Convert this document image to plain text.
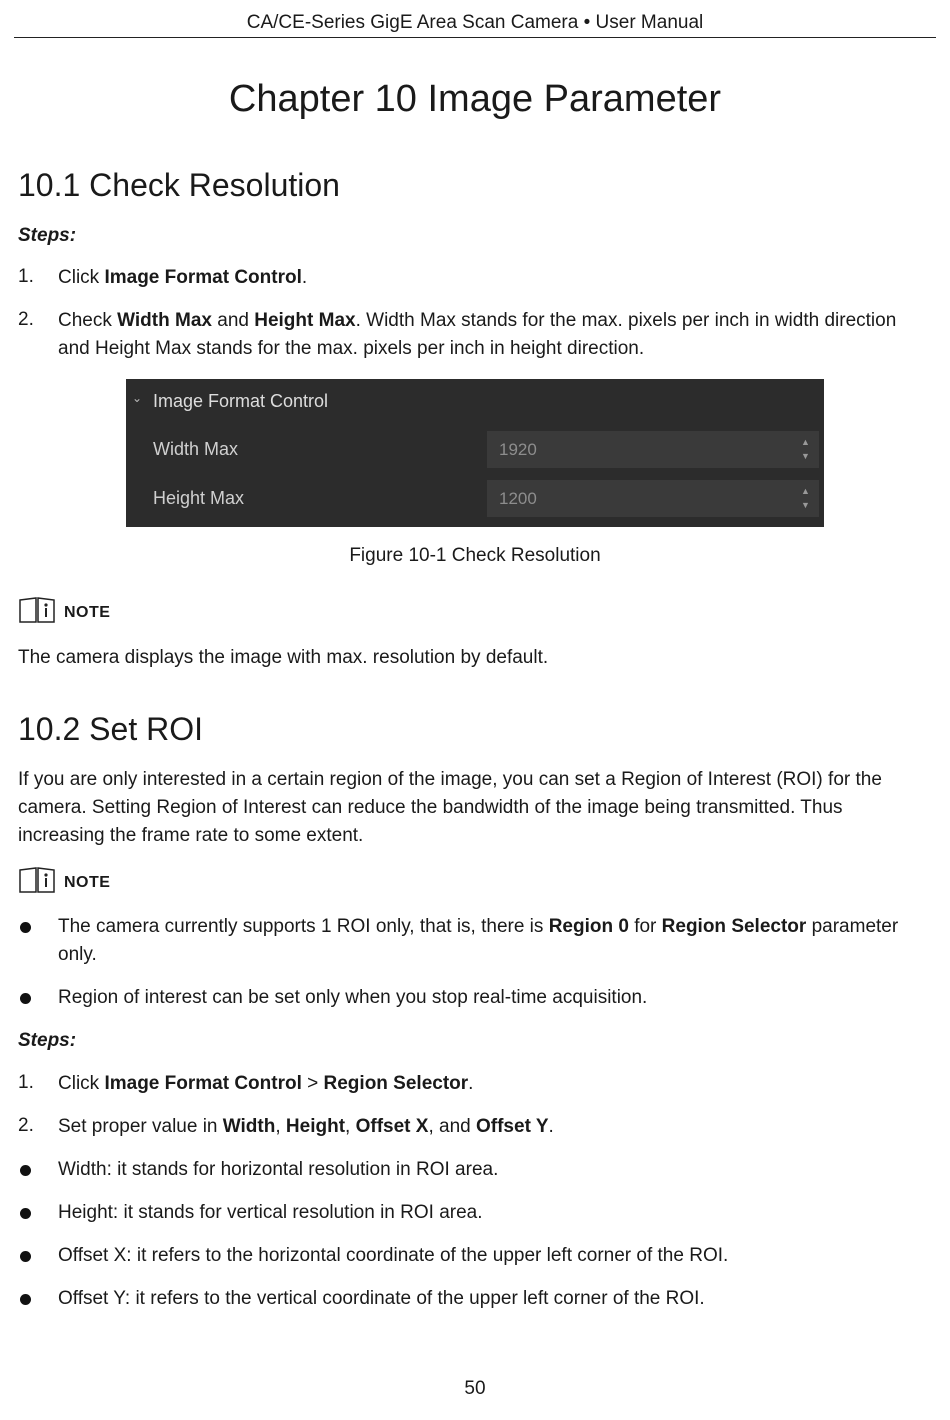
CA/CE-Series GigE Area Scan Camera • User Manual
Chapter 10 Image Parameter
10.1 Check Resolution
Steps:
1. Click Image Format Control.
2. Check Width Max and Height Max. Width Max stands for the max. pixels per inch in width direction and Height Max stands for the max. pixels per inch in height direction.
⌄ Image Format Control
Width Max	1920	▲
▼
Height Max	1200	▲
▼
Figure 10-1 Check Resolution
NOTE
The camera displays the image with max. resolution by default.
10.2 Set ROI
If you are only interested in a certain region of the image, you can set a Region of Interest (ROI) for the camera. Setting Region of Interest can reduce the bandwidth of the image being transmitted. Thus increasing the frame rate to some extent.
NOTE
The camera currently supports 1 ROI only, that is, there is Region 0 for Region Selector parameter only.
Region of interest can be set only when you stop real-time acquisition.
Steps:
1. Click Image Format Control > Region Selector.
2. Set proper value in Width, Height, Offset X, and Offset Y.
Width: it stands for horizontal resolution in ROI area.
Height: it stands for vertical resolution in ROI area.
Offset X: it refers to the horizontal coordinate of the upper left corner of the ROI.
Offset Y: it refers to the vertical coordinate of the upper left corner of the ROI.
50
